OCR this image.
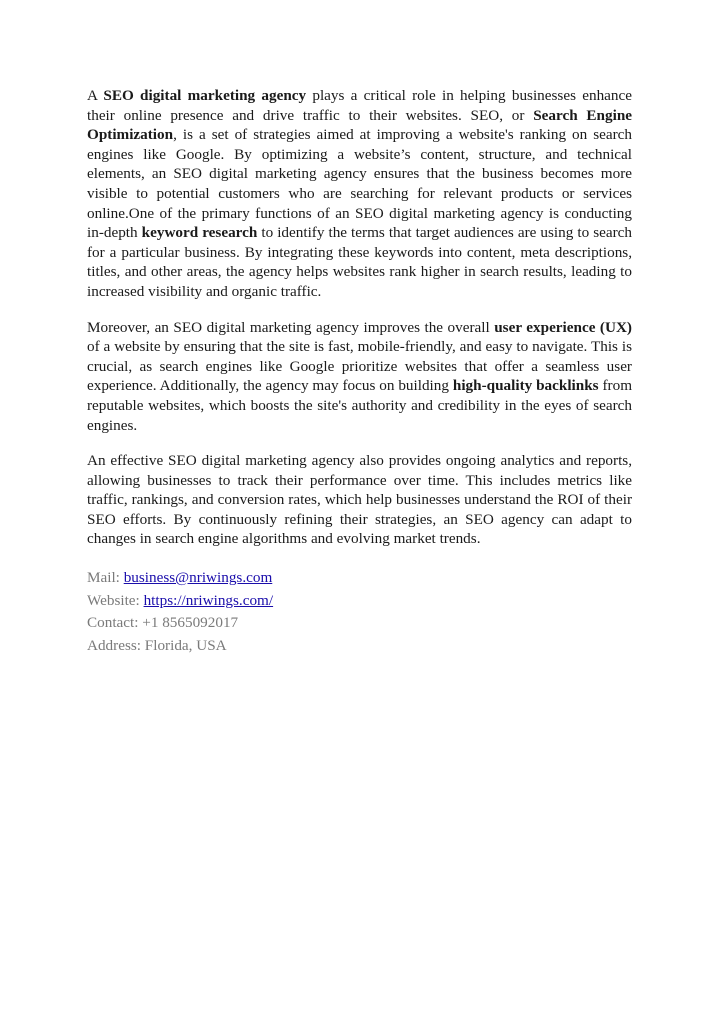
A SEO digital marketing agency plays a critical role in helping businesses enhance their online presence and drive traffic to their websites. SEO, or Search Engine Optimization, is a set of strategies aimed at improving a website's ranking on search engines like Google. By optimizing a website’s content, structure, and technical elements, an SEO digital marketing agency ensures that the business becomes more visible to potential customers who are searching for relevant products or services online.One of the primary functions of an SEO digital marketing agency is conducting in-depth keyword research to identify the terms that target audiences are using to search for a particular business. By integrating these keywords into content, meta descriptions, titles, and other areas, the agency helps websites rank higher in search results, leading to increased visibility and organic traffic.

Moreover, an SEO digital marketing agency improves the overall user experience (UX) of a website by ensuring that the site is fast, mobile-friendly, and easy to navigate. This is crucial, as search engines like Google prioritize websites that offer a seamless user experience. Additionally, the agency may focus on building high-quality backlinks from reputable websites, which boosts the site's authority and credibility in the eyes of search engines.

An effective SEO digital marketing agency also provides ongoing analytics and reports, allowing businesses to track their performance over time. This includes metrics like traffic, rankings, and conversion rates, which help businesses understand the ROI of their SEO efforts. By continuously refining their strategies, an SEO agency can adapt to changes in search engine algorithms and evolving market trends.

Mail: business@nriwings.com
Website: https://nriwings.com/
Contact: +1 8565092017
Address: Florida, USA
